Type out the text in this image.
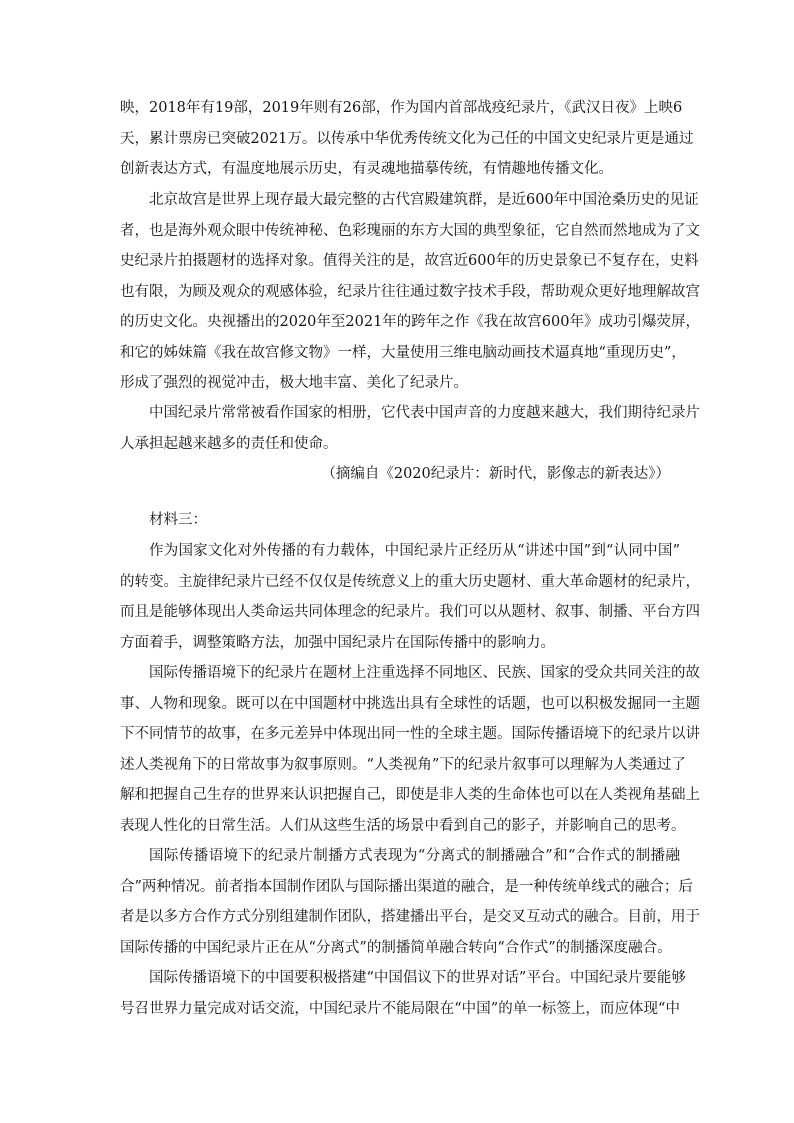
映，2018年有19部，2019年则有26部，作为国内首部战疫纪录片，《武汉日夜》上映6
天，累计票房已突破2021万。以传承中华优秀传统文化为己任的中国文史纪录片更是通过
创新表达方式，有温度地展示历史，有灵魂地描摹传统，有情趣地传播文化。
北京故宫是世界上现存最大最完整的古代宫殿建筑群，是近600年中国沧桑历史的见证
者，也是海外观众眼中传统神秘、色彩瑰丽的东方大国的典型象征，它自然而然地成为了文
史纪录片拍摄题材的选择对象。值得关注的是，故宫近600年的历史景象已不复存在，史料
也有限，为顾及观众的观感体验，纪录片往往通过数字技术手段，帮助观众更好地理解故宫
的历史文化。央视播出的2020年至2021年的跨年之作《我在故宫600年》成功引爆荧屏，
和它的姊妹篇《我在故宫修文物》一样，大量使用三维电脑动画技术逼真地“重现历史”，
形成了强烈的视觉冲击，极大地丰富、美化了纪录片。
中国纪录片常常被看作国家的相册，它代表中国声音的力度越来越大，我们期待纪录片
人承担起越来越多的责任和使命。
（摘编自《2020纪录片：新时代，影像志的新表达》）
材料三：
作为国家文化对外传播的有力载体，中国纪录片正经历从“讲述中国”到“认同中国”
的转变。主旋律纪录片已经不仅仅是传统意义上的重大历史题材、重大革命题材的纪录片，
而且是能够体现出人类命运共同体理念的纪录片。我们可以从题材、叙事、制播、平台方四
方面着手，调整策略方法，加强中国纪录片在国际传播中的影响力。
国际传播语境下的纪录片在题材上注重选择不同地区、民族、国家的受众共同关注的故
事、人物和现象。既可以在中国题材中挑选出具有全球性的话题，也可以积极发掘同一主题
下不同情节的故事，在多元差异中体现出同一性的全球主题。国际传播语境下的纪录片以讲
述人类视角下的日常故事为叙事原则。“人类视角”下的纪录片叙事可以理解为人类通过了
解和把握自己生存的世界来认识把握自己，即使是非人类的生命体也可以在人类视角基础上
表现人性化的日常生活。人们从这些生活的场景中看到自己的影子，并影响自己的思考。
国际传播语境下的纪录片制播方式表现为“分离式的制播融合”和“合作式的制播融
合”两种情况。前者指本国制作团队与国际播出渠道的融合，是一种传统单线式的融合；后
者是以多方合作方式分别组建制作团队，搭建播出平台，是交叉互动式的融合。目前，用于
国际传播的中国纪录片正在从“分离式”的制播简单融合转向“合作式”的制播深度融合。
国际传播语境下的中国要积极搭建“中国倡议下的世界对话”平台。中国纪录片要能够
号召世界力量完成对话交流，中国纪录片不能局限在“中国”的单一标签上，而应体现“中
